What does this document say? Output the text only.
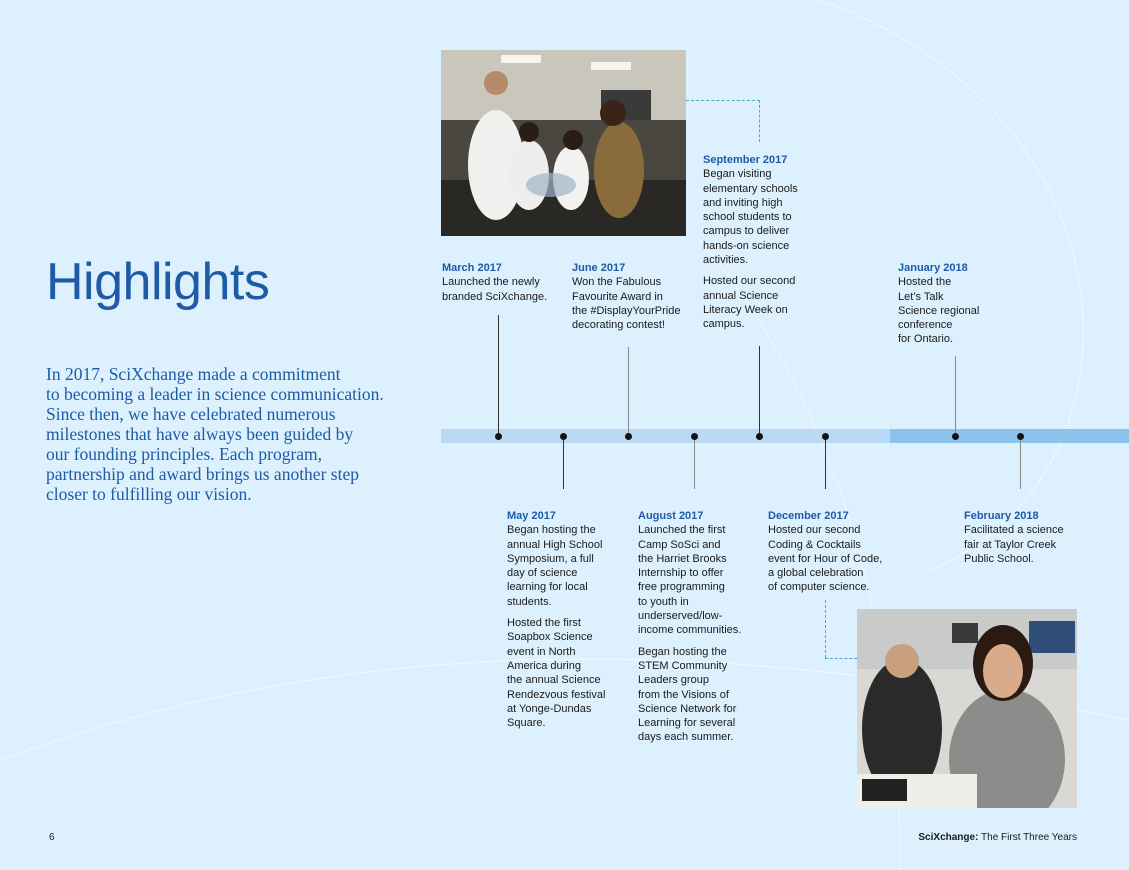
Highlights

In 2017, SciXchange made a commitment
to becoming a leader in science communication.
Since then, we have celebrated numerous
milestones that have always been guided by
our founding principles. Each program,
partnership and award brings us another step
closer to fulfilling our vision.

March 2017

Launched the newly
branded SciXchange.

May 2017

Began hosting the
annual High School
Symposium, a full
day of science
learning for local
students.

Hosted the first
Soapbox Science
event in North
America during
the annual Science
Rendezvous festival
at Yonge-Dundas
Square.

June 2017

Won the Fabulous
Favourite Award in
the #DisplayYourPride
decorating contest!

August 2017

Launched the first
Camp SoSci and
the Harriet Brooks
Internship to offer
free programming
to youth in
underserved/low-
income communities.

Began hosting the
STEM Community
Leaders group
from the Visions of
Science Network for
Learning for several
days each summer.

September 2017

Began visiting
elementary schools
and inviting high
school students to
campus to deliver
hands-on science
activities.

Hosted our second
annual Science
Literacy Week on
campus.

December 2017

Hosted our second
Coding & Cocktails
event for Hour of Code,
a global celebration
of computer science.

January 2018

Hosted the
Let’s Talk
Science regional
conference
for Ontario.

February 2018

Facilitated a science
fair at Taylor Creek
Public School.

6	SciXchange: The First Three Years
